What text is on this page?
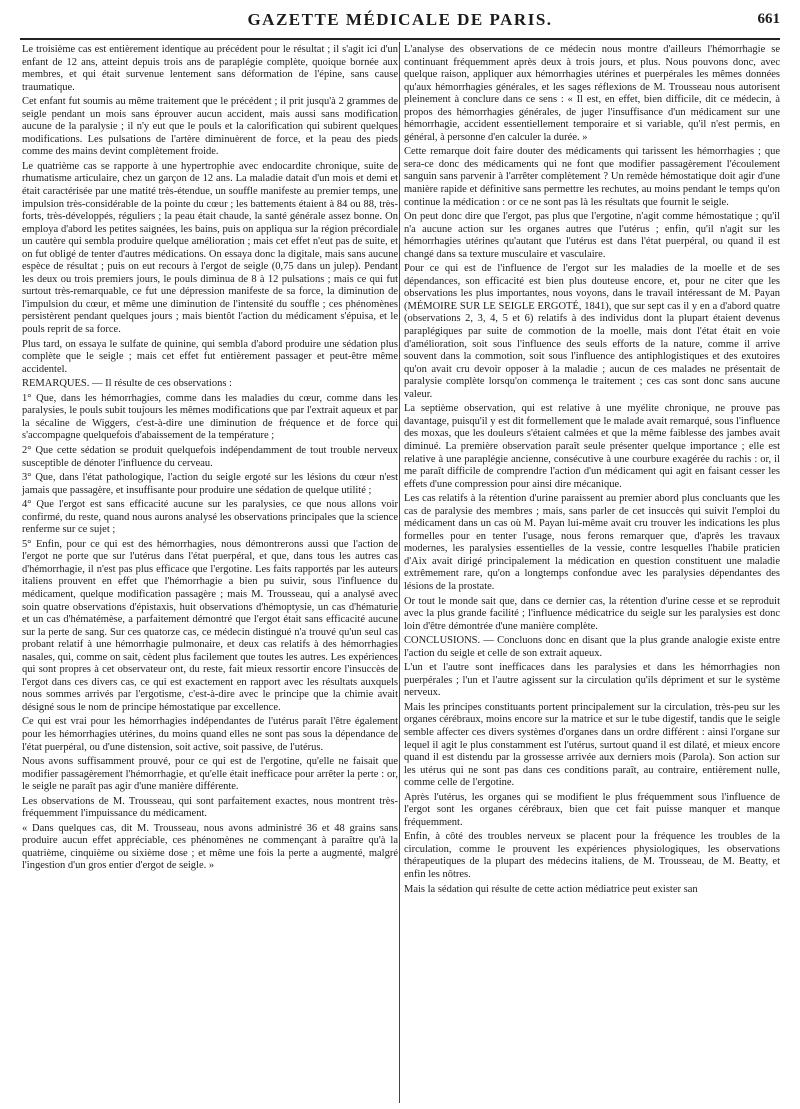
GAZETTE MÉDICALE DE PARIS.	661

Le troisième cas est entièrement identique au précédent pour le résultat ; il s'agit ici d'un enfant de 12 ans, atteint depuis trois ans de paraplégie complète, quoique bornée aux membres, et qui était survenue lentement sans déformation de l'épine, sans cause traumatique.

Cet enfant fut soumis au même traitement que le précédent ; il prit jusqu'à 2 grammes de seigle pendant un mois sans éprouver aucun accident, mais aussi sans modification aucune de la paralysie ; il n'y eut que le pouls et la calorification qui subirent quelques modifications. Les pulsations de l'artère diminuèrent de force, et la peau des pieds comme des mains devint complètement froide.

Le quatrième cas se rapporte à une hypertrophie avec endocardite chronique, suite de rhumatisme articulaire, chez un garçon de 12 ans. La maladie datait d'un mois et demi et était caractérisée par une matité très-étendue, un souffle manifeste au premier temps, une impulsion très-considérable de la pointe du cœur ; les battements étaient à 84 ou 88, très-forts, très-développés, réguliers ; la peau était chaude, la santé générale assez bonne. On employa d'abord les petites saignées, les bains, puis on appliqua sur la région précordiale un cautère qui sembla produire quelque amélioration ; mais cet effet n'eut pas de suite, et on fut obligé de tenter d'autres médications. On essaya donc la digitale, mais sans aucune espèce de résultat ; puis on eut recours à l'ergot de seigle (0,75 dans un julep). Pendant les deux ou trois premiers jours, le pouls diminua de 8 à 12 pulsations ; mais ce qui fut surtout très-remarquable, ce fut une dépression manifeste de sa force, la diminution de l'impulsion du cœur, et même une diminution de l'intensité du souffle ; ces phénomènes persistèrent pendant quelques jours ; mais bientôt l'action du médicament s'épuisa, et le pouls reprit de sa force.

Plus tard, on essaya le sulfate de quinine, qui sembla d'abord produire une sédation plus complète que le seigle ; mais cet effet fut entièrement passager et peut-être même accidentel.

REMARQUES. — Il résulte de ces observations :

1° Que, dans les hémorrhagies, comme dans les maladies du cœur, comme dans les paralysies, le pouls subit toujours les mêmes modifications que par l'extrait aqueux et par la sécaline de Wiggers, c'est-à-dire une diminution de fréquence et de force qui s'accompagne quelquefois d'abaissement de la température ;

2° Que cette sédation se produit quelquefois indépendamment de tout trouble nerveux susceptible de dénoter l'influence du cerveau.

3° Que, dans l'état pathologique, l'action du seigle ergoté sur les lésions du cœur n'est jamais que passagère, et insuffisante pour produire une sédation de quelque utilité ;

4° Que l'ergot est sans efficacité aucune sur les paralysies, ce que nous allons voir confirmé, du reste, quand nous aurons analysé les observations principales que la science renferme sur ce sujet ;

5° Enfin, pour ce qui est des hémorrhagies, nous démontrerons aussi que l'action de l'ergot ne porte que sur l'utérus dans l'état puerpéral, et que, dans tous les autres cas d'hémorrhagie, il n'est pas plus efficace que l'ergotine. Les faits rapportés par les auteurs italiens prouvent en effet que l'hémorrhagie a bien pu suivir, sous l'influence du médicament, quelque modification passagère ; mais M. Trousseau, qui a analysé avec soin quatre observations d'épistaxis, huit observations d'hémoptysie, un cas d'hématurie et un cas d'hématémèse, a parfaitement démontré que l'ergot était sans efficacité aucune sur la perte de sang. Sur ces quatorze cas, ce médecin distingué n'a trouvé qu'un seul cas probant relatif à une hémorrhagie pulmonaire, et deux cas relatifs à des hémorrhagies nasales, qui, comme on sait, cèdent plus facilement que toutes les autres. Les expériences qui sont propres à cet observateur ont, du reste, fait mieux ressortir encore l'insuccès de l'ergot dans ces divers cas, ce qui est exactement en rapport avec les résultats auxquels nous sommes arrivés par l'ergotisme, c'est-à-dire avec le principe que la chimie avait désigné sous le nom de principe hémostatique par excellence.

Ce qui est vrai pour les hémorrhagies indépendantes de l'utérus paraît l'être également pour les hémorrhagies utérines, du moins quand elles ne sont pas sous la dépendance de l'état puerpéral, ou d'une distension, soit active, soit passive, de l'utérus.

Nous avons suffisamment prouvé, pour ce qui est de l'ergotine, qu'elle ne faisait que modifier passagèrement l'hémorrhagie, et qu'elle était inefficace pour arrêter la perte : or, le seigle ne paraît pas agir d'une manière différente.

Les observations de M. Trousseau, qui sont parfaitement exactes, nous montrent très-fréquemment l'impuissance du médicament.

« Dans quelques cas, dit M. Trousseau, nous avons administré 36 et 48 grains sans produire aucun effet appréciable, ces phénomènes ne commençant à paraître qu'à la quatrième, cinquième ou sixième dose ; et même une fois la perte a augmenté, malgré l'ingestion d'un gros entier d'ergot de seigle. »

L'analyse des observations de ce médecin nous montre d'ailleurs l'hémorrhagie se continuant fréquemment après deux à trois jours, et plus. Nous pouvons donc, avec quelque raison, appliquer aux hémorrhagies utérines et puerpérales les mêmes données qu'aux hémorrhagies générales, et les sages réflexions de M. Trousseau nous autorisent pleinement à conclure dans ce sens : « Il est, en effet, bien difficile, dit ce médecin, à propos des hémorrhagies générales, de juger l'insuffisance d'un médicament sur une hémorrhagie, accident essentiellement temporaire et si variable, qu'il n'est permis, en général, à personne d'en calculer la durée. »

Cette remarque doit faire douter des médicaments qui tarissent les hémorrhagies ; que sera-ce donc des médicaments qui ne font que modifier passagèrement l'écoulement sanguin sans parvenir à l'arrêter complètement ? Un remède hémostatique doit agir d'une manière rapide et définitive sans permettre les rechutes, au moins pendant le temps qu'on continue la médication : or ce ne sont pas là les résultats que fournit le seigle.

On peut donc dire que l'ergot, pas plus que l'ergotine, n'agit comme hémostatique ; qu'il n'a aucune action sur les organes autres que l'utérus ; enfin, qu'il n'agit sur les hémorrhagies utérines qu'autant que l'utérus est dans l'état puerpéral, ou quand il est changé dans sa texture musculaire et vasculaire.

Pour ce qui est de l'influence de l'ergot sur les maladies de la moelle et de ses dépendances, son efficacité est bien plus douteuse encore, et, pour ne citer que les observations les plus importantes, nous voyons, dans le travail intéressant de M. Payan (MÉMOIRE SUR LE SEIGLE ERGOTÉ, 1841), que sur sept cas il y en a d'abord quatre (observations 2, 3, 4, 5 et 6) relatifs à des individus dont la plupart étaient devenus paraplégiques par suite de commotion de la moelle, mais dont l'état était en voie d'amélioration, soit sous l'influence des seuls efforts de la nature, comme il arrive souvent dans la commotion, soit sous l'influence des antiphlogistiques et des exutoires qu'on avait cru devoir opposer à la maladie ; aucun de ces malades ne présentait de paralysie complète lorsqu'on commença le traitement ; ces cas sont donc sans aucune valeur.

La septième observation, qui est relative à une myélite chronique, ne prouve pas davantage, puisqu'il y est dit formellement que le malade avait remarqué, sous l'influence des moxas, que les douleurs s'étaient calmées et que la même faiblesse des jambes avait diminué. La première observation paraît seule présenter quelque importance ; elle est relative à une paraplégie ancienne, consécutive à une courbure exagérée du rachis : or, il me paraît difficile de comprendre l'action d'un médicament qui agit en faisant cesser les effets d'une compression pour ainsi dire mécanique.

Les cas relatifs à la rétention d'urine paraissent au premier abord plus concluants que les cas de paralysie des membres ; mais, sans parler de cet insuccès qui suivit l'emploi du médicament dans un cas où M. Payan lui-même avait cru trouver les indications les plus formelles pour en tenter l'usage, nous ferons remarquer que, d'après les travaux modernes, les paralysies essentielles de la vessie, contre lesquelles l'habile praticien d'Aix avait dirigé principalement la médication en question constituent une maladie extrêmement rare, qu'on a longtemps confondue avec les paralysies dépendantes des lésions de la prostate.

Or tout le monde sait que, dans ce dernier cas, la rétention d'urine cesse et se reproduit avec la plus grande facilité ; l'influence médicatrice du seigle sur les paralysies est donc loin d'être démontrée d'une manière complète.

CONCLUSIONS. — Concluons donc en disant que la plus grande analogie existe entre l'action du seigle et celle de son extrait aqueux.

L'un et l'autre sont inefficaces dans les paralysies et dans les hémorrhagies non puerpérales ; l'un et l'autre agissent sur la circulation qu'ils dépriment et sur le système nerveux.

Mais les principes constituants portent principalement sur la circulation, très-peu sur les organes cérébraux, moins encore sur la matrice et sur le tube digestif, tandis que le seigle semble affecter ces divers systèmes d'organes dans un ordre différent : ainsi l'organe sur lequel il agit le plus constamment est l'utérus, surtout quand il est dilaté, et mieux encore quand il est distendu par la grossesse arrivée aux derniers mois (Parola). Son action sur les utérus qui ne sont pas dans ces conditions paraît, au contraire, entièrement nulle, comme celle de l'ergotine.

Après l'utérus, les organes qui se modifient le plus fréquemment sous l'influence de l'ergot sont les organes cérébraux, bien que cet fait puisse manquer et manque fréquemment.

Enfin, à côté des troubles nerveux se placent pour la fréquence les troubles de la circulation, comme le prouvent les expériences physiologiques, les observations thérapeutiques de la plupart des médecins italiens, de M. Trousseau, de M. Beatty, et enfin les nôtres.

Mais la sédation qui résulte de cette action médiatrice peut exister san
